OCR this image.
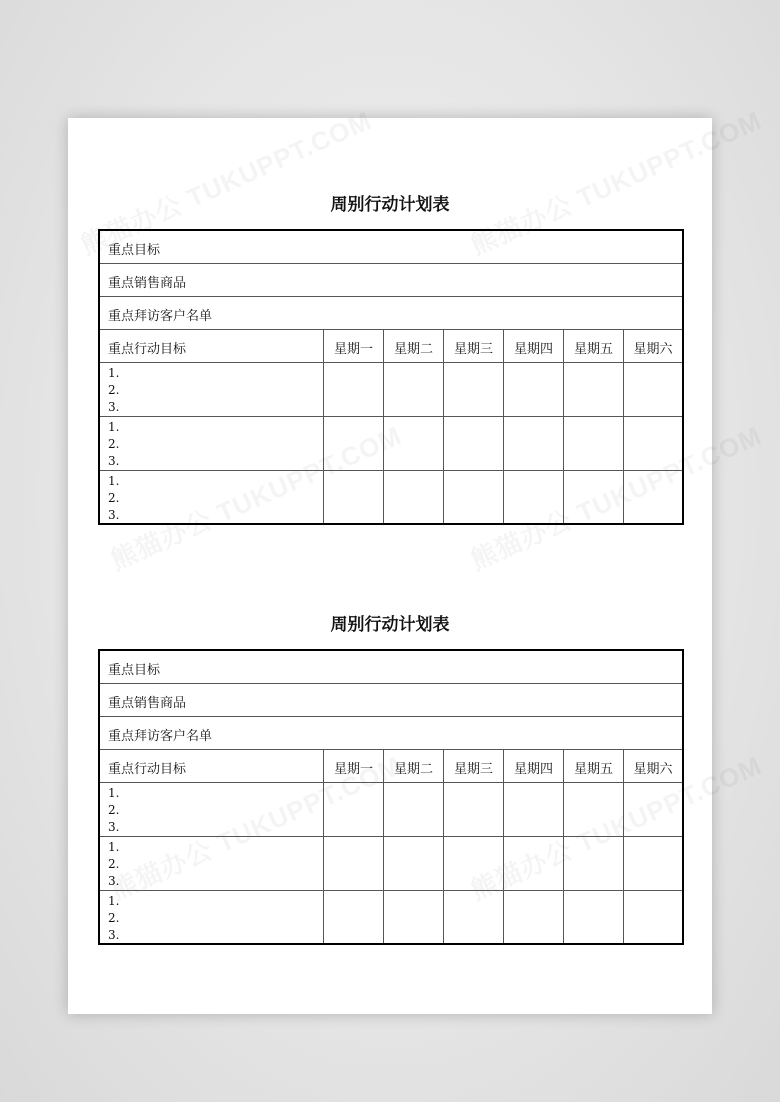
周别行动计划表
重点目标
重点销售商品
重点拜访客户名单
重点行动目标	星期一	星期二	星期三	星期四	星期五	星期六
1.
2.
3.
1.
2.
3.
1.
2.
3.
周别行动计划表
重点目标
重点销售商品
重点拜访客户名单
重点行动目标	星期一	星期二	星期三	星期四	星期五	星期六
1.
2.
3.
1.
2.
3.
1.
2.
3.
